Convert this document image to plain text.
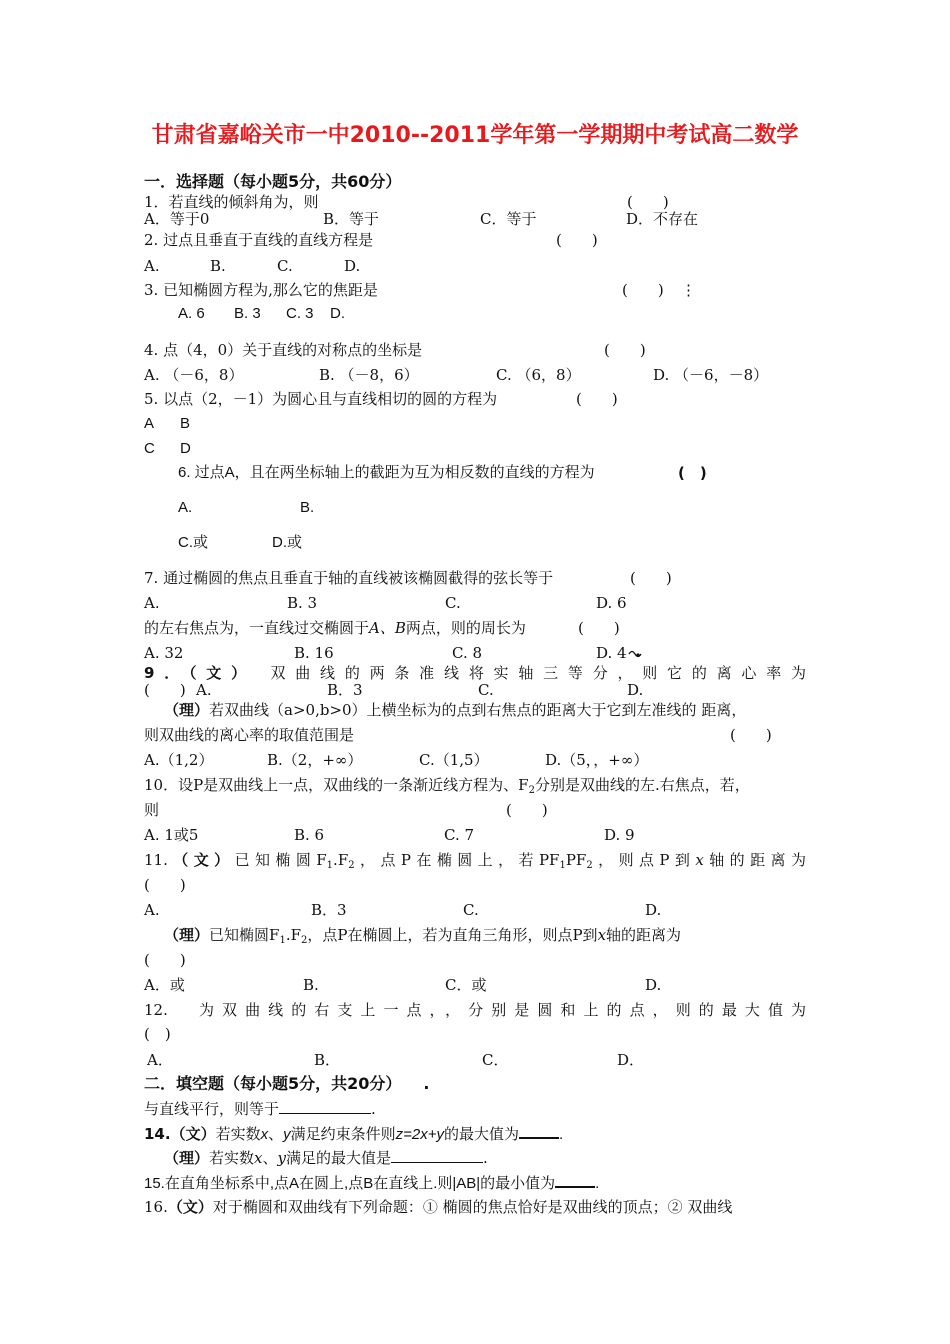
甘肃省嘉峪关市一中2010--2011学年第一学期期中考试高二数学
一．选择题（每小题5分，共60分）
1．若直线的倾斜角为，则	(　　)
A．等于0	B．等于	C．等于	D．不存在
2. 过点且垂直于直线的直线方程是	(　　)
A.	B.	C.	D.
3. 已知椭圆方程为,那么它的焦距是	(　　) ⋮
A. 6 B. 3 C. 3 D.
4. 点（4，0）关于直线的对称点的坐标是	(　　)
A. （－6，8）	B. （－8，6）	C. （6，8）	D. （－6，－8）
5. 以点（2，－1）为圆心且与直线相切的圆的方程为	(　　)
A B
C D
6. 过点A，且在两坐标轴上的截距为互为相反数的直线的方程为	(　)
A.	B.
C.或	D.或
7. 通过椭圆的焦点且垂直于轴的直线被该椭圆截得的弦长等于	(　　)
A.	B. 3	C.	D. 6
的左右焦点为，一直线过交椭圆于A、B两点，则的周长为	(　　)
A. 32	B. 16	C. 8	D. 4
9．（文） 双曲线的两条准线将实轴三等分，则它的离心率为
(　　) A.	B．3	C.	D.
（理）若双曲线（a>0,b>0）上横坐标为的点到右焦点的距离大于它到左准线的 距离，
则双曲线的离心率的取值范围是	(　　)
A.（1,2）	B.（2，+∞）	C.（1,5）	D.（5，，+∞）
10．设P是双曲线上一点，双曲线的一条渐近线方程为、$F_2$分别是双曲线的左.右焦点，若，
则	(　　)
A. 1或5	B. 6	C. 7	D. 9
11.（文）已知椭圆$F_1.F_2$，点P在椭圆上，若$PF_1PF_2$，则点P到x轴的距离为
(　　)
A.	B．3	C.	D.
（理）已知椭圆$F_1.F_2$，点P在椭圆上，若为直角三角形，则点P到x轴的距离为
(　　)
A．或	B.	C．或	D.
12.　为双曲线的右支上一点，，分别是圆和上的点，则的最大值为
(　)
A．	B．	C．	D．
二．填空题（每小题5分，共20分） .
与直线平行，则等于	.
14.（文）若实数x、y满足约束条件则z=2x+y的最大值为	.
（理）若实数x、y满足的最大值是	.
15.在直角坐标系中,点A在圆上,点B在直线上.则|AB|的最小值为	.
16.（文）对于椭圆和双曲线有下列命题：① 椭圆的焦点恰好是双曲线的顶点；② 双曲线
